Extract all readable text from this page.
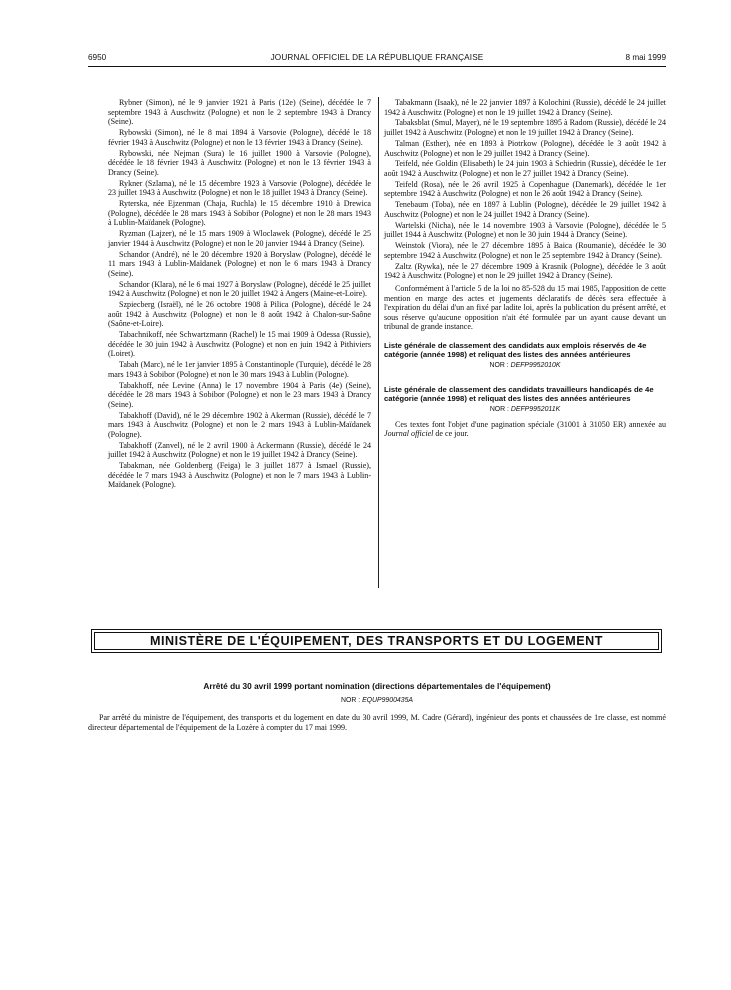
6950	JOURNAL OFFICIEL DE LA RÉPUBLIQUE FRANÇAISE	8 mai 1999

Rybner (Simon), né le 9 janvier 1921 à Paris (12e) (Seine), décédée le 7 septembre 1943 à Auschwitz (Pologne) et non le 2 septembre 1943 à Drancy (Seine).

Rybowski (Simon), né le 8 mai 1894 à Varsovie (Pologne), décédé le 18 février 1943 à Auschwitz (Pologne) et non le 13 février 1943 à Drancy (Seine).

Rybowski, née Nejman (Sura) le 16 juillet 1900 à Varsovie (Pologne), décédée le 18 février 1943 à Auschwitz (Pologne) et non le 13 février 1943 à Drancy (Seine).

Rykner (Szlama), né le 15 décembre 1923 à Varsovie (Pologne), décédée le 23 juillet 1943 à Auschwitz (Pologne) et non le 18 juillet 1943 à Drancy (Seine).

Ryterska, née Ejzenman (Chaja, Ruchla) le 15 décembre 1910 à Drewica (Pologne), décédée le 28 mars 1943 à Sobibor (Pologne) et non le 28 mars 1943 à Lublin-Maïdanek (Pologne).

Ryzman (Lajzer), né le 15 mars 1909 à Wloclawek (Pologne), décédé le 25 janvier 1944 à Auschwitz (Pologne) et non le 20 janvier 1944 à Drancy (Seine).

Schandor (André), né le 20 décembre 1920 à Boryslaw (Pologne), décédé le 11 mars 1943 à Lublin-Maïdanek (Pologne) et non le 6 mars 1943 à Drancy (Seine).

Schandor (Klara), né le 6 mai 1927 à Boryslaw (Pologne), décédé le 25 juillet 1942 à Auschwitz (Pologne) et non le 20 juillet 1942 à Angers (Maine-et-Loire).

Szpiecberg (Israël), né le 26 octobre 1908 à Pilica (Pologne), décédé le 24 août 1942 à Auschwitz (Pologne) et non le 8 août 1942 à Chalon-sur-Saône (Saône-et-Loire).

Tabachnikoff, née Schwartzmann (Rachel) le 15 mai 1909 à Odessa (Russie), décédée le 30 juin 1942 à Auschwitz (Pologne) et non en juin 1942 à Pithiviers (Loiret).

Tabah (Marc), né le 1er janvier 1895 à Constantinople (Turquie), décédé le 28 mars 1943 à Sobibor (Pologne) et non le 30 mars 1943 à Lublin (Pologne).

Tabakhoff, née Levine (Anna) le 17 novembre 1904 à Paris (4e) (Seine), décédée le 28 mars 1943 à Sobibor (Pologne) et non le 23 mars 1943 à Drancy (Seine).

Tabakhoff (David), né le 29 décembre 1902 à Akerman (Russie), décédé le 7 mars 1943 à Auschwitz (Pologne) et non le 2 mars 1943 à Lublin-Maïdanek (Pologne).

Tabakhoff (Zanvel), né le 2 avril 1900 à Ackermann (Russie), décédé le 24 juillet 1942 à Auschwitz (Pologne) et non le 19 juillet 1942 à Drancy (Seine).

Tabakman, née Goldenberg (Feiga) le 3 juillet 1877 à Ismael (Russie), décédée le 7 mars 1943 à Auschwitz (Pologne) et non le 7 mars 1943 à Lublin-Maïdanek (Pologne).

Tabakmann (Isaak), né le 22 janvier 1897 à Kolochini (Russie), décédé le 24 juillet 1942 à Auschwitz (Pologne) et non le 19 juillet 1942 à Drancy (Seine).

Tabaksblat (Smul, Mayer), né le 19 septembre 1895 à Radom (Russie), décédé le 24 juillet 1942 à Auschwitz (Pologne) et non le 19 juillet 1942 à Drancy (Seine).

Talman (Esther), née en 1893 à Piotrkow (Pologne), décédée le 3 août 1942 à Auschwitz (Pologne) et non le 29 juillet 1942 à Drancy (Seine).

Teifeld, née Goldin (Elisabeth) le 24 juin 1903 à Schiedrin (Russie), décédée le 1er août 1942 à Auschwitz (Pologne) et non le 27 juillet 1942 à Drancy (Seine).

Teifeld (Rosa), née le 26 avril 1925 à Copenhague (Danemark), décédée le 1er septembre 1942 à Auschwitz (Pologne) et non le 26 août 1942 à Drancy (Seine).

Tenebaum (Toba), née en 1897 à Lublin (Pologne), décédée le 29 juillet 1942 à Auschwitz (Pologne) et non le 24 juillet 1942 à Drancy (Seine).

Wartelski (Nicha), née le 14 novembre 1903 à Varsovie (Pologne), décédée le 5 juillet 1944 à Auschwitz (Pologne) et non le 30 juin 1944 à Drancy (Seine).

Weinstok (Viora), née le 27 décembre 1895 à Baica (Roumanie), décédée le 30 septembre 1942 à Auschwitz (Pologne) et non le 25 septembre 1942 à Drancy (Seine).

Zaltz (Rywka), née le 27 décembre 1909 à Krasnik (Pologne), décédée le 3 août 1942 à Auschwitz (Pologne) et non le 29 juillet 1942 à Drancy (Seine).

Conformément à l'article 5 de la loi no 85-528 du 15 mai 1985, l'apposition de cette mention en marge des actes et jugements déclaratifs de décès sera effectuée à l'expiration du délai d'un an fixé par ladite loi, après la publication du présent arrêté, et sous réserve qu'aucune opposition n'ait été formulée par un ayant cause devant un tribunal de grande instance.

Liste générale de classement des candidats aux emplois réservés de 4e catégorie (année 1998) et reliquat des listes des années antérieures
NOR : DEFP9952010K
Liste générale de classement des candidats travailleurs handicapés de 4e catégorie (année 1998) et reliquat des listes des années antérieures
NOR : DEFP9952011K

Ces textes font l'objet d'une pagination spéciale (31001 à 31050 ER) annexée au Journal officiel de ce jour.

MINISTÈRE DE L'ÉQUIPEMENT, DES TRANSPORTS ET DU LOGEMENT
Arrêté du 30 avril 1999 portant nomination (directions départementales de l'équipement)
NOR : EQUP9900435A

Par arrêté du ministre de l'équipement, des transports et du logement en date du 30 avril 1999, M. Cadre (Gérard), ingénieur des ponts et chaussées de 1re classe, est nommé directeur départemental de l'équipement de la Lozère à compter du 17 mai 1999.
